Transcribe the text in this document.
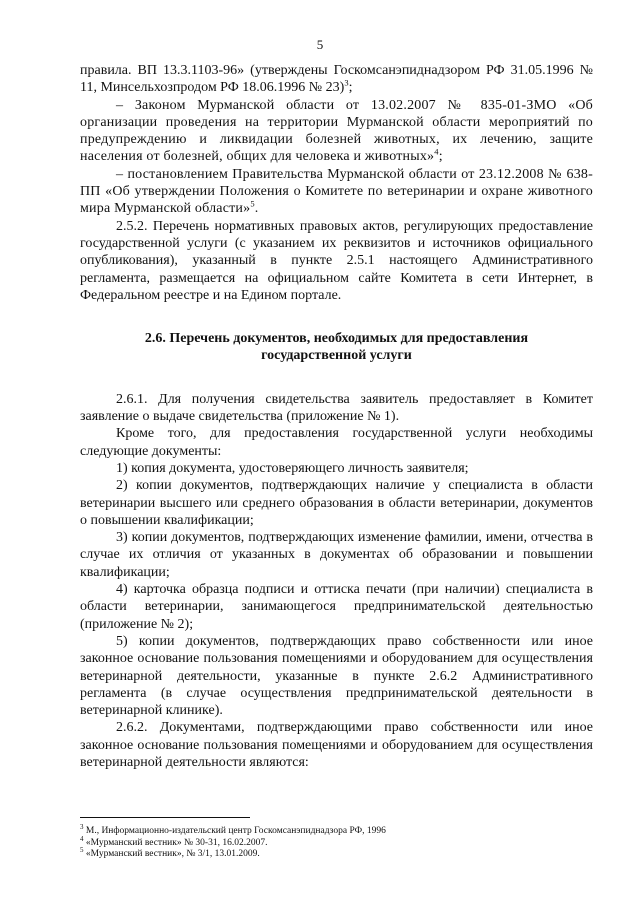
5

правила. ВП 13.3.1103-96» (утверждены Госкомсанэпиднадзором РФ 31.05.1996 № 11, Минсельхозпродом РФ 18.06.1996 № 23)$^3$;

– Законом Мурманской области от 13.02.2007 № 835-01-ЗМО «Об организации проведения на территории Мурманской области мероприятий по предупреждению и ликвидации болезней животных, их лечению, защите населения от болезней, общих для человека и животных»$^4$;

– постановлением Правительства Мурманской области от 23.12.2008 № 638-ПП «Об утверждении Положения о Комитете по ветеринарии и охране животного мира Мурманской области»$^5$.

2.5.2. Перечень нормативных правовых актов, регулирующих предоставление государственной услуги (с указанием их реквизитов и источников официального опубликования), указанный в пункте 2.5.1 настоящего Административного регламента, размещается на официальном сайте Комитета в сети Интернет, в Федеральном реестре и на Едином портале.

2.6. Перечень документов, необходимых для предоставления
государственной услуги

2.6.1. Для получения свидетельства заявитель предоставляет в Комитет заявление о выдаче свидетельства (приложение № 1).

Кроме того, для предоставления государственной услуги необходимы следующие документы:

1) копия документа, удостоверяющего личность заявителя;

2) копии документов, подтверждающих наличие у специалиста в области ветеринарии высшего или среднего образования в области ветеринарии, документов о повышении квалификации;

3) копии документов, подтверждающих изменение фамилии, имени, отчества в случае их отличия от указанных в документах об образовании и повышении квалификации;

4) карточка образца подписи и оттиска печати (при наличии) специалиста в области ветеринарии, занимающегося предпринимательской деятельностью (приложение № 2);

5) копии документов, подтверждающих право собственности или иное законное основание пользования помещениями и оборудованием для осуществления ветеринарной деятельности, указанные в пункте 2.6.2 Административного регламента (в случае осуществления предпринимательской деятельности в ветеринарной клинике).

2.6.2. Документами, подтверждающими право собственности или иное законное основание пользования помещениями и оборудованием для осуществления ветеринарной деятельности являются:

$^3$ М., Информационно-издательский центр Госкомсанэпиднадзора РФ, 1996

$^4$ «Мурманский вестник» № 30-31, 16.02.2007.

$^5$ «Мурманский вестник», № 3/1, 13.01.2009.
